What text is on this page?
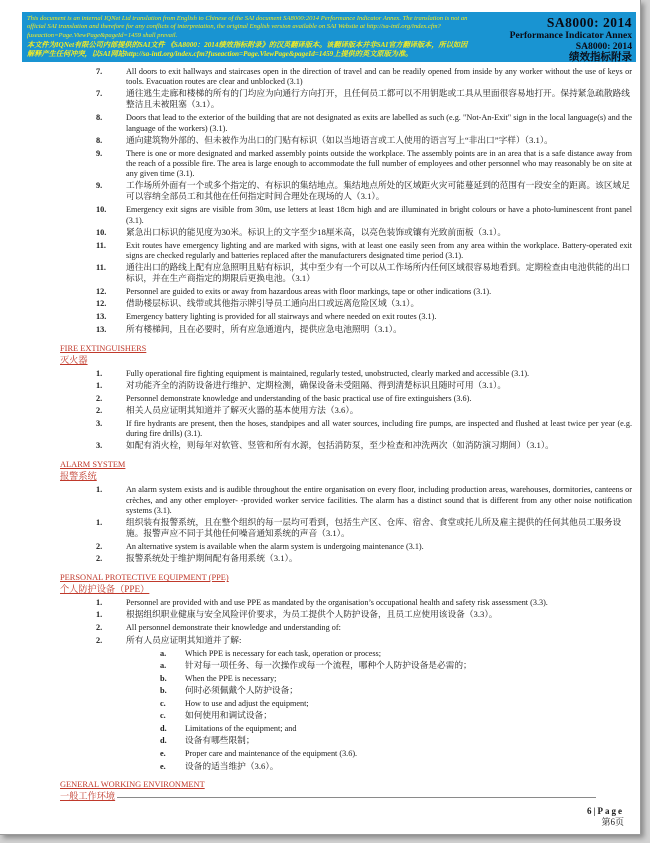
This document is an internal IQNet Ltd translation from English to Chinese of the SAI document SA8000:2014 Performance Indicator Annex. The translation is not an official SAI translation and therefore for any conflicts of interpretation, the original English version available on SAI Website at http://sa-intl.org/index.cfm?fuseaction=Page.ViewPage&pageId=1459 shall prevail.
本文件为IQNet有限公司内部提供的SAI文件 《SA8000：2014绩效指标附录》的汉英翻译版本。该翻译版本并非SAI官方翻译版本，所以如因解释产生任何冲突，以SAI网站http://sa-intl.org/index.cfm?fuseaction=Page.ViewPage&pageId=1459上提供的英文原版为准。
SA8000: 2014
Performance Indicator Annex
SA8000: 2014
绩效指标附录
7.	All doors to exit hallways and staircases open in the direction of travel and can be readily opened from inside by any worker without the use of keys or tools. Evacuation routes are clear and unblocked (3.1)
7.	通往逃生走廊和楼梯的所有的门均应为向通行方向打开，且任何员工都可以不用钥匙或工具从里面很容易地打开。保持紧急疏散路线整洁且未被阻塞（3.1）。
8.	Doors that lead to the exterior of the building that are not designated as exits are labelled as such (e.g. "Not-An-Exit" sign in the local language(s) and the language of the workers) (3.1).
8.	通向建筑物外部的、但未被作为出口的门贴有标识（如以当地语言或工人使用的语言写上“非出口”字样）（3.1）。
9.	There is one or more designated and marked assembly points outside the workplace. The assembly points are in an area that is a safe distance away from the reach of a possible fire. The area is large enough to accommodate the full number of employees and other personnel who may reasonably be on site at any given time (3.1).
9.	工作场所外面有一个或多个指定的、有标识的集结地点。集结地点所处的区域距火灾可能蔓延到的范围有一段安全的距离。该区域足可以容纳全部员工和其他在任何指定时间合理处在现场的人（3.1）。
10.	Emergency exit signs are visible from 30m, use letters at least 18cm high and are illuminated in bright colours or have a photo-luminescent front panel (3.1).
10.	紧急出口标识的能见度为30米。标识上的文字至少18厘米高，以亮色装饰或镶有光致前面板（3.1）。
11.	Exit routes have emergency lighting and are marked with signs, with at least one easily seen from any area within the workplace. Battery-operated exit signs are checked regularly and batteries replaced after the manufacturers designated time period (3.1).
11.	通往出口的路线上配有应急照明且贴有标识，其中至少有一个可以从工作场所内任何区域很容易地看到。定期检查由电池供能的出口标识，并在生产商指定的期限后更换电池。（3.1）
12.	Personnel are guided to exits or away from hazardous areas with floor markings, tape or other indications (3.1).
12.	借助楼层标识、线带或其他指示牌引导员工通向出口或远离危险区域（3.1）。
13.	Emergency battery lighting is provided for all stairways and where needed on exit routes (3.1).
13.	所有楼梯间，且在必要时，所有应急通道内，提供应急电池照明（3.1）。
FIRE EXTINGUISHERS
灭火器
1.	Fully operational fire fighting equipment is maintained, regularly tested, unobstructed, clearly marked and accessible (3.1).
1.	对功能齐全的消防设备进行维护、定期检测，确保设备未受阻隔、得到清楚标识且随时可用（3.1）。
2.	Personnel demonstrate knowledge and understanding of the basic practical use of fire extinguishers (3.6).
2.	相关人员应证明其知道并了解灭火器的基本使用方法（3.6）。
3.	If fire hydrants are present, then the hoses, standpipes and all water sources, including fire pumps, are inspected and flushed at least twice per year (e.g. during fire drills) (3.1).
3.	如配有消火栓，则每年对软管、竖管和所有水源，包括消防泵，至少检查和冲洗两次（如消防演习期间）（3.1）。
ALARM SYSTEM
报警系统
1.	An alarm system exists and is audible throughout the entire organisation on every floor, including production areas, warehouses, dormitories, canteens or crèches, and any other employer- ‐provided worker service facilities. The alarm has a distinct sound that is different from any other noise notification systems (3.1).
1.	组织装有报警系统，且在整个组织的每一层均可看到，包括生产区、仓库、宿舍、食堂或托儿所及雇主提供的任何其他员工服务设施。报警声应不同于其他任何噪音通知系统的声音（3.1）。
2.	An alternative system is available when the alarm system is undergoing maintenance (3.1).
2.	报警系统处于维护期间配有备用系统（3.1）。
PERSONAL PROTECTIVE EQUIPMENT (PPE)
个人防护设备（PPE）
1.	Personnel are provided with and use PPE as mandated by the organisation’s occupational health and safety risk assessment (3.3).
1.	根据组织职业健康与安全风险评价要求，为员工提供个人防护设备，且员工应使用该设备（3.3）。
2.	All personnel demonstrate their knowledge and understanding of:
2.	所有人员应证明其知道并了解:
a.	Which PPE is necessary for each task, operation or process;
a.	针对每一项任务、每一次操作或每一个流程，哪种个人防护设备是必需的；
b.	When the PPE is necessary;
b.	何时必须佩戴个人防护设备；
c.	How to use and adjust the equipment;
c.	如何使用和调试设备；
d.	Limitations of the equipment; and
d.	设备有哪些限制；
e.	Proper care and maintenance of the equipment (3.6).
e.	设备的适当维护（3.6）。
GENERAL WORKING ENVIRONMENT
一般工作环境
6|Page
第6页
